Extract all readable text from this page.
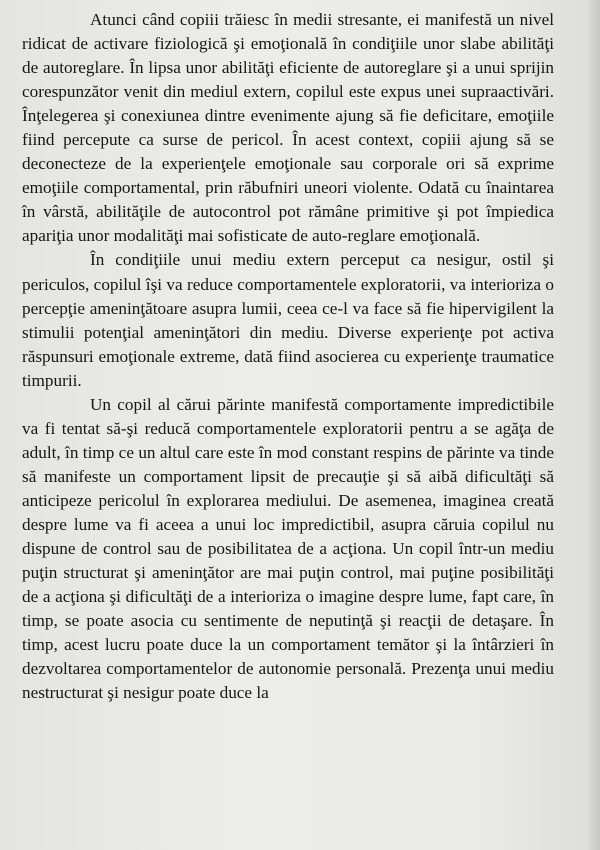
Atunci când copiii trăiesc în medii stresante, ei manifestă un nivel ridicat de activare fiziologică şi emoţională în condiţiile unor slabe abilităţi de autoreglare. În lipsa unor abilităţi eficiente de autoreglare şi a unui sprijin corespunzător venit din mediul extern, copilul este expus unei supraactivări. Înţelegerea şi conexiunea dintre evenimente ajung să fie deficitare, emoţiile fiind percepute ca surse de pericol. În acest context, copiii ajung să se deconecteze de la experienţele emoţionale sau corporale ori să exprime emoţiile comportamental, prin răbufniri uneori violente. Odată cu înaintarea în vârstă, abilităţile de autocontrol pot rămâne primitive şi pot împiedica apariţia unor modalităţi mai sofisticate de auto-reglare emoţională.

În condiţiile unui mediu extern perceput ca nesigur, ostil şi periculos, copilul îşi va reduce comportamentele exploratorii, va interioriza o percepţie ameninţătoare asupra lumii, ceea ce-l va face să fie hipervigilent la stimulii potenţial ameninţători din mediu. Diverse experienţe pot activa răspunsuri emoţionale extreme, dată fiind asocierea cu experienţe traumatice timpurii.

Un copil al cărui părinte manifestă comportamente impredictibile va fi tentat să-şi reducă comportamentele exploratorii pentru a se agăţa de adult, în timp ce un altul care este în mod constant respins de părinte va tinde să manifeste un comportament lipsit de precauţie şi să aibă dificultăţi să anticipeze pericolul în explorarea mediului. De asemenea, imaginea creată despre lume va fi aceea a unui loc impredictibil, asupra căruia copilul nu dispune de control sau de posibilitatea de a acţiona. Un copil într-un mediu puţin structurat şi ameninţător are mai puţin control, mai puţine posibilităţi de a acţiona şi dificultăţi de a interioriza o imagine despre lume, fapt care, în timp, se poate asocia cu sentimente de neputinţă şi reacţii de detaşare. În timp, acest lucru poate duce la un comportament temător şi la întârzieri în dezvoltarea comportamentelor de autonomie personală. Prezenţa unui mediu nestructurat şi nesigur poate duce la
